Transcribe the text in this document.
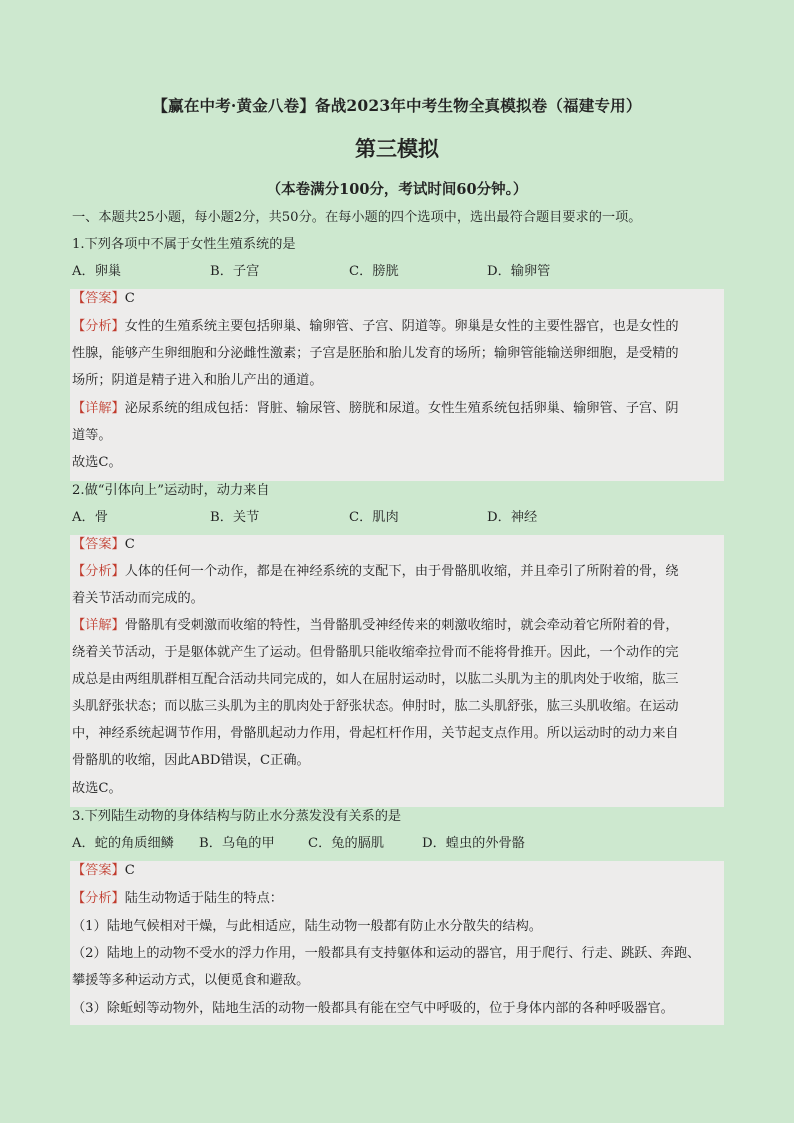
【赢在中考·黄金八卷】备战2023年中考生物全真模拟卷（福建专用）
第三模拟
（本卷满分100分，考试时间60分钟。）
一、本题共25小题，每小题2分，共50分。在每小题的四个选项中，选出最符合题目要求的一项。
1.下列各项中不属于女性生殖系统的是
A．卵巢	B．子宫	C．膀胱	D．输卵管
【答案】C
【分析】女性的生殖系统主要包括卵巢、输卵管、子宫、阴道等。卵巢是女性的主要性器官，也是女性的
性腺，能够产生卵细胞和分泌雌性激素；子宫是胚胎和胎儿发育的场所；输卵管能输送卵细胞，是受精的
场所；阴道是精子进入和胎儿产出的通道。
【详解】泌尿系统的组成包括：肾脏、输尿管、膀胱和尿道。女性生殖系统包括卵巢、输卵管、子宫、阴
道等。
故选C。
2.做“引体向上”运动时，动力来自
A．骨	B．关节	C．肌肉	D．神经
【答案】C
【分析】人体的任何一个动作，都是在神经系统的支配下，由于骨骼肌收缩，并且牵引了所附着的骨，绕
着关节活动而完成的。
【详解】骨骼肌有受刺激而收缩的特性，当骨骼肌受神经传来的刺激收缩时，就会牵动着它所附着的骨，
绕着关节活动，于是躯体就产生了运动。但骨骼肌只能收缩牵拉骨而不能将骨推开。因此，一个动作的完
成总是由两组肌群相互配合活动共同完成的，如人在屈肘运动时，以肱二头肌为主的肌肉处于收缩，肱三
头肌舒张状态；而以肱三头肌为主的肌肉处于舒张状态。伸肘时，肱二头肌舒张，肱三头肌收缩。在运动
中，神经系统起调节作用，骨骼肌起动力作用，骨起杠杆作用，关节起支点作用。所以运动时的动力来自
骨骼肌的收缩，因此ABD错误，C正确。
故选C。
3.下列陆生动物的身体结构与防止水分蒸发没有关系的是
A．蛇的角质细鳞 B．乌龟的甲	C．兔的膈肌	D．蝗虫的外骨骼
【答案】C
【分析】陆生动物适于陆生的特点：
（1）陆地气候相对干燥，与此相适应，陆生动物一般都有防止水分散失的结构。
（2）陆地上的动物不受水的浮力作用，一般都具有支持躯体和运动的器官，用于爬行、行走、跳跃、奔跑、
攀援等多种运动方式，以便觅食和避敌。
（3）除蚯蚓等动物外，陆地生活的动物一般都具有能在空气中呼吸的，位于身体内部的各种呼吸器官。
